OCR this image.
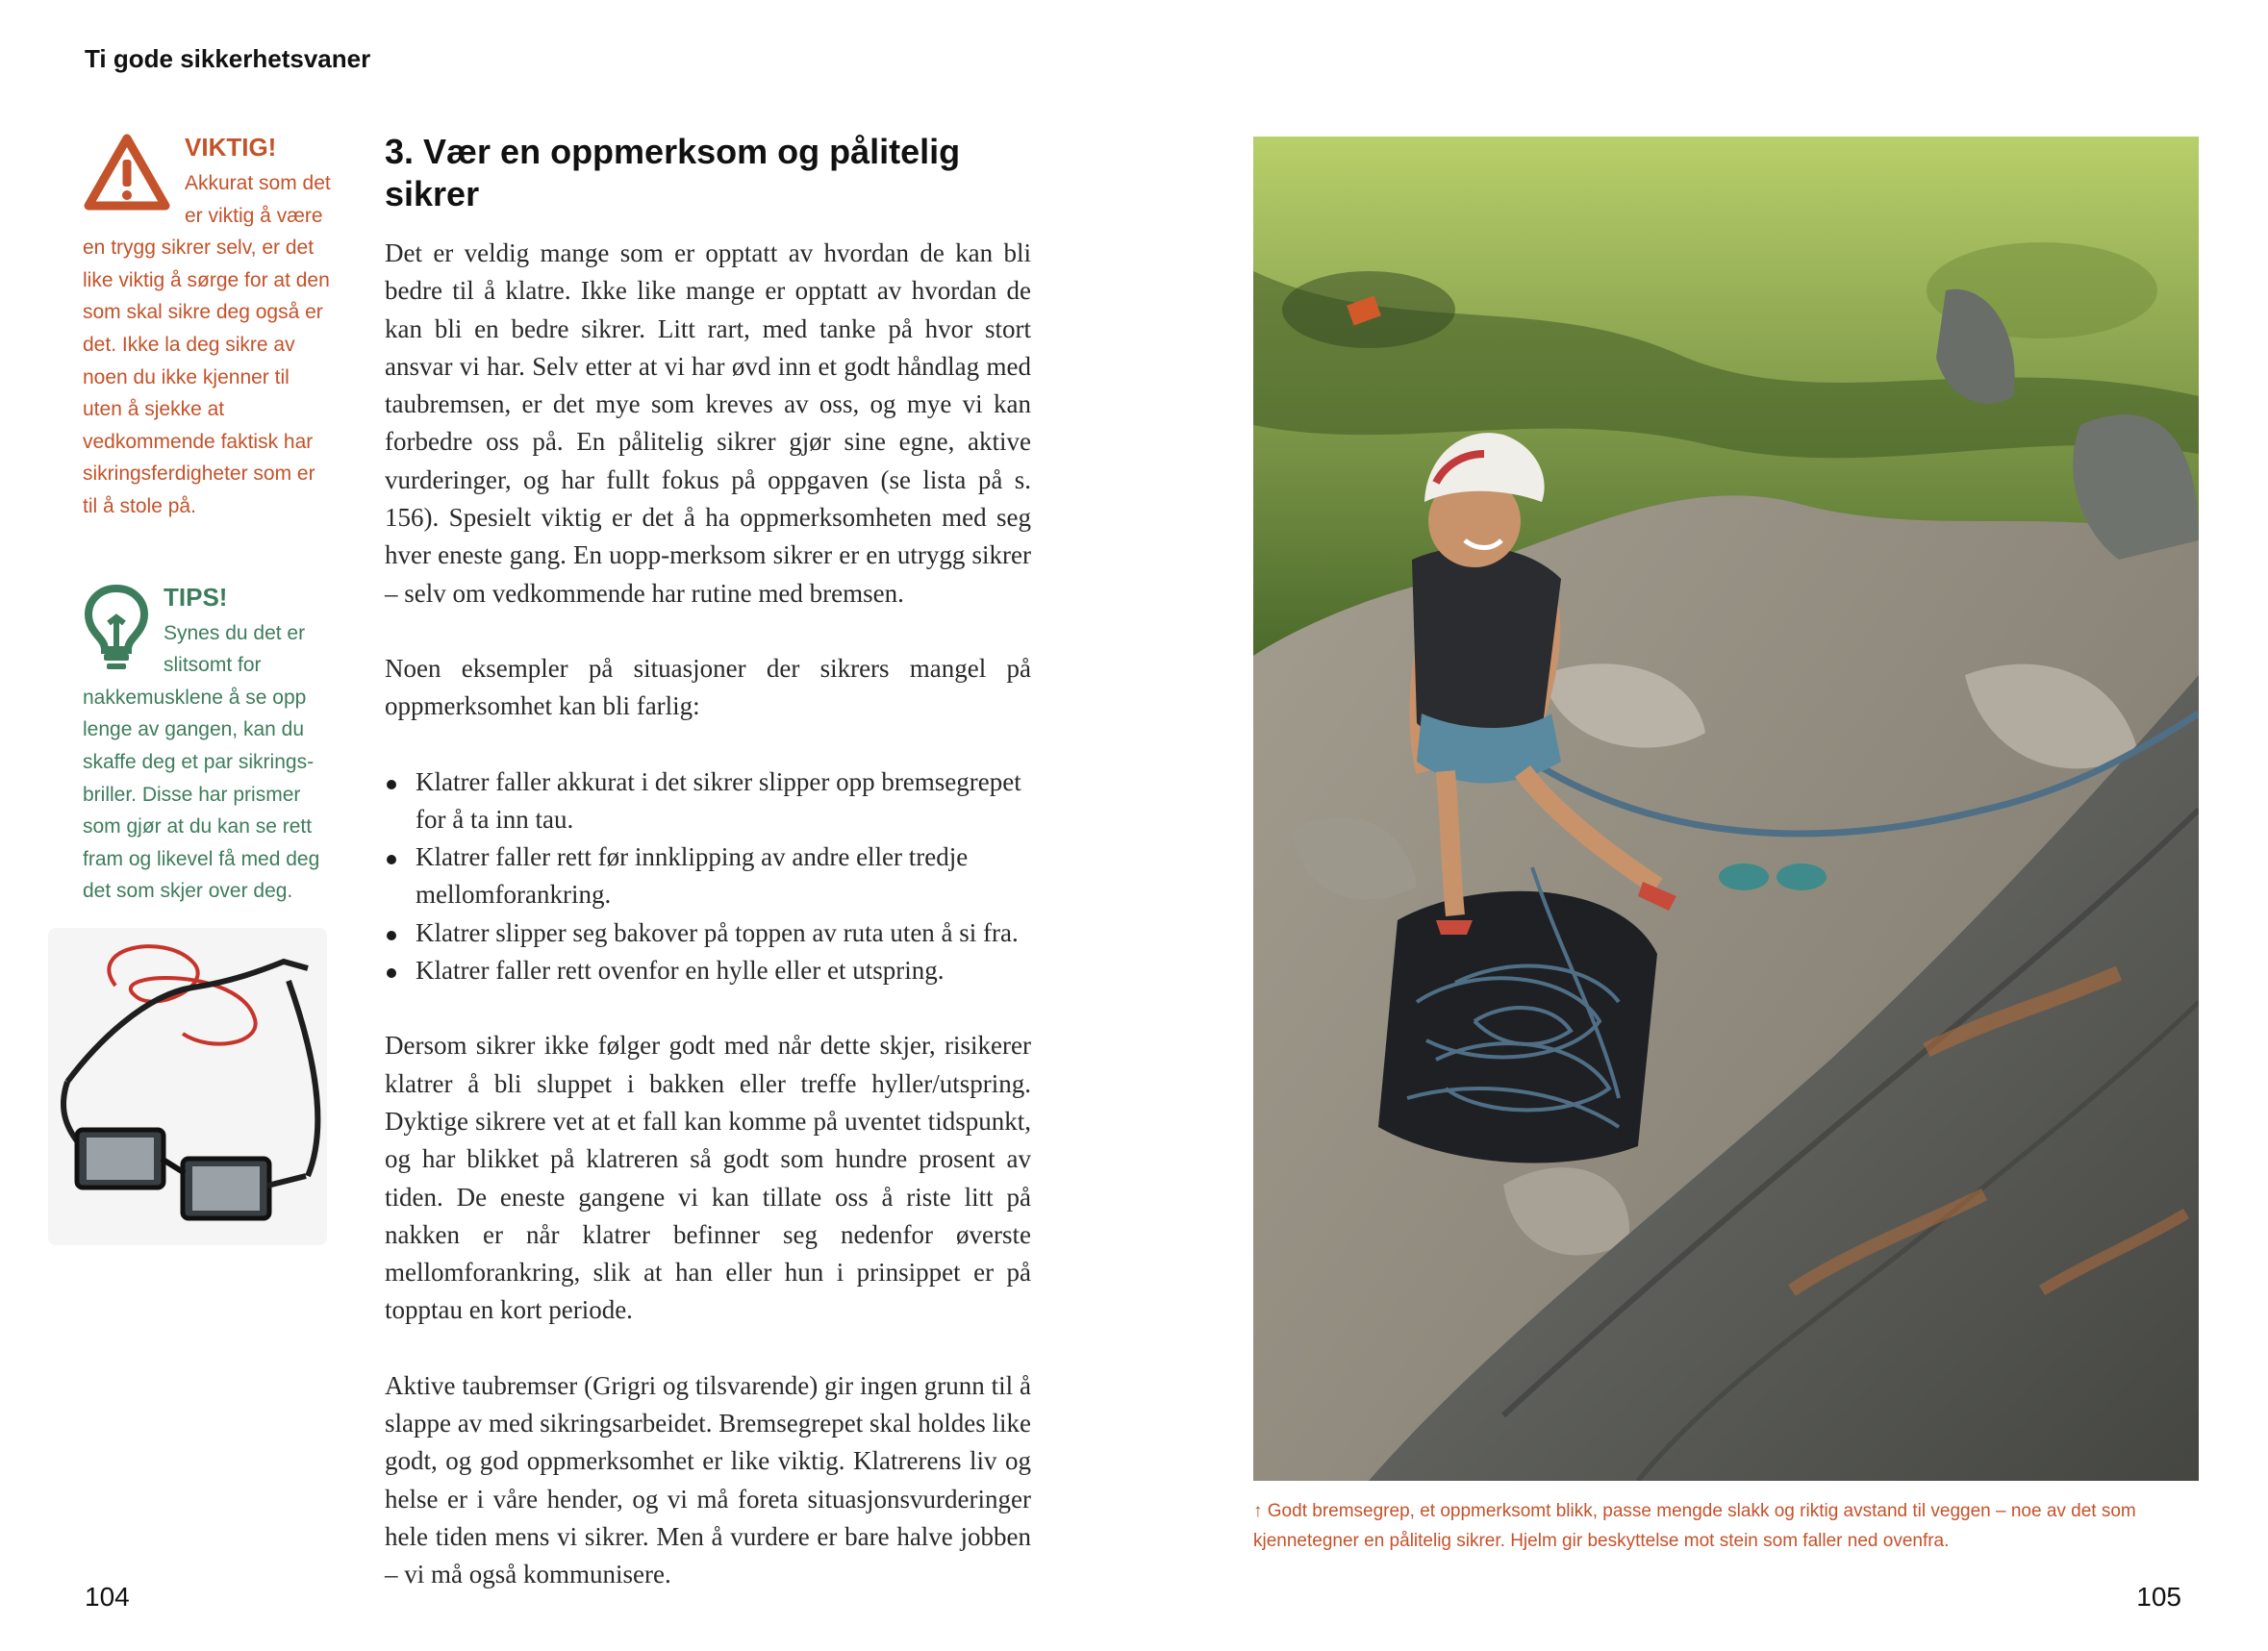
Ti gode sikkerhetsvaner
VIKTIG!

Akkurat som det er viktig å være en trygg sikrer selv, er det like viktig å sørge for at den som skal sikre deg også er det. Ikke la deg sikre av noen du ikke kjenner til uten å sjekke at vedkommende faktisk har sikringsferdigheter som er til å stole på.

TIPS!

Synes du det er slitsomt for nakkemusklene å se opp lenge av gangen, kan du skaffe deg et par sikrings-briller. Disse har prismer som gjør at du kan se rett fram og likevel få med deg det som skjer over deg.

3. Vær en oppmerksom og pålitelig sikrer

Det er veldig mange som er opptatt av hvordan de kan bli bedre til å klatre. Ikke like mange er opptatt av hvordan de kan bli en bedre sikrer. Litt rart, med tanke på hvor stort ansvar vi har. Selv etter at vi har øvd inn et godt håndlag med taubremsen, er det mye som kreves av oss, og mye vi kan forbedre oss på. En pålitelig sikrer gjør sine egne, aktive vurderinger, og har fullt fokus på oppgaven (se lista på s. 156). Spesielt viktig er det å ha oppmerksomheten med seg hver eneste gang. En uopp-merksom sikrer er en utrygg sikrer – selv om vedkommende har rutine med bremsen.

Noen eksempler på situasjoner der sikrers mangel på oppmerksomhet kan bli farlig:

Klatrer faller akkurat i det sikrer slipper opp bremsegrepet for å ta inn tau.
Klatrer faller rett før innklipping av andre eller tredje mellomforankring.
Klatrer slipper seg bakover på toppen av ruta uten å si fra.
Klatrer faller rett ovenfor en hylle eller et utspring.

Dersom sikrer ikke følger godt med når dette skjer, risikerer klatrer å bli sluppet i bakken eller treffe hyller/utspring. Dyktige sikrere vet at et fall kan komme på uventet tidspunkt, og har blikket på klatreren så godt som hundre prosent av tiden. De eneste gangene vi kan tillate oss å riste litt på nakken er når klatrer befinner seg nedenfor øverste mellomforankring, slik at han eller hun i prinsippet er på topptau en kort periode.

Aktive taubremser (Grigri og tilsvarende) gir ingen grunn til å slappe av med sikringsarbeidet. Bremsegrepet skal holdes like godt, og god oppmerksomhet er like viktig. Klatrerens liv og helse er i våre hender, og vi må foreta situasjonsvurderinger hele tiden mens vi sikrer. Men å vurdere er bare halve jobben – vi må også kommunisere.

↑ Godt bremsegrep, et oppmerksomt blikk, passe mengde slakk og riktig avstand til veggen – noe av det som kjennetegner en pålitelig sikrer. Hjelm gir beskyttelse mot stein som faller ned ovenfra.
104	105
